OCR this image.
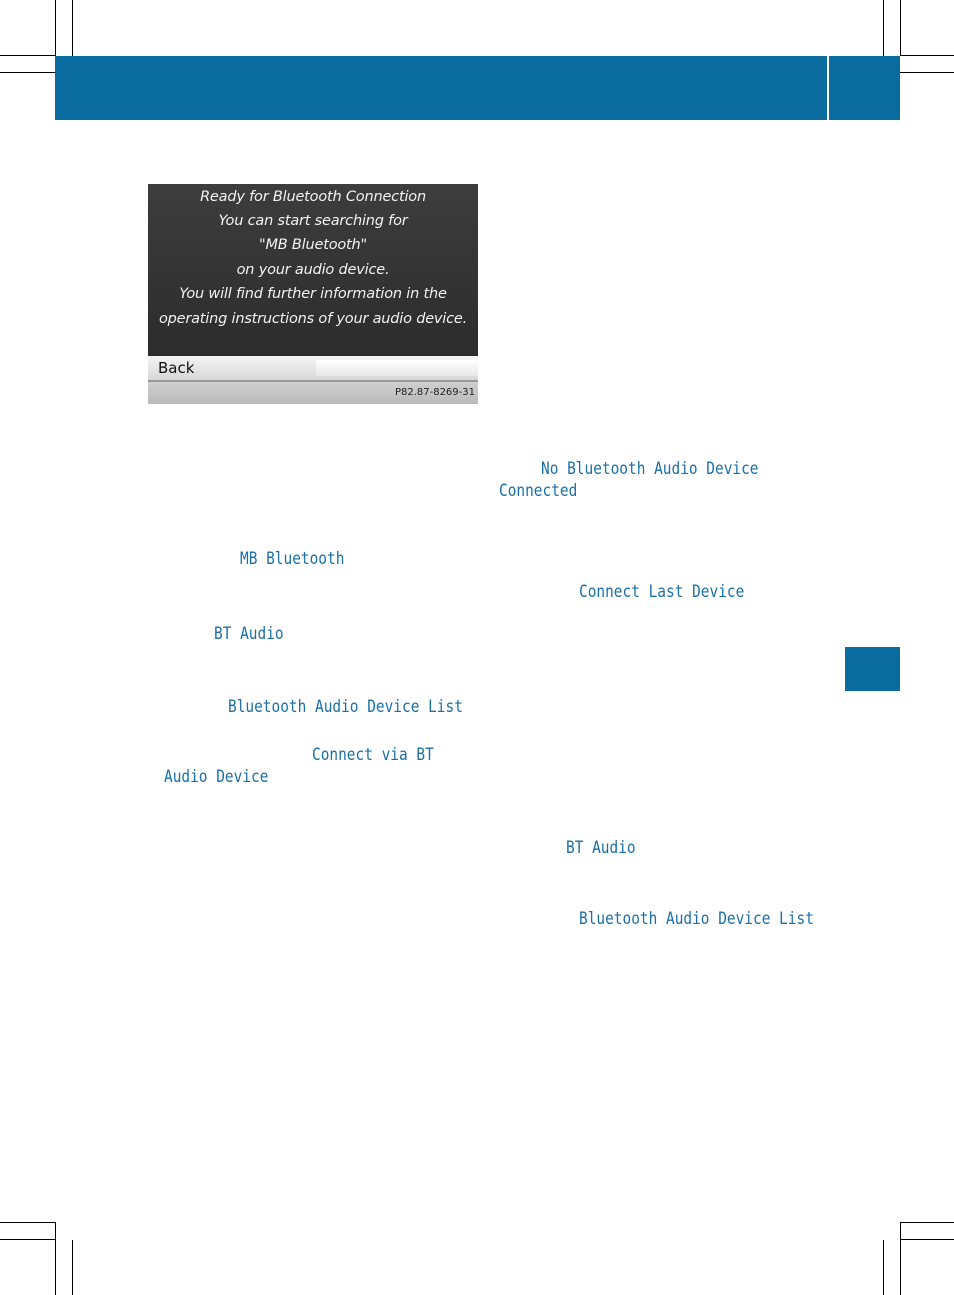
Ready for Bluetooth Connection
You can start searching for
"MB Bluetooth"
on your audio device.
You will find further information in the
operating instructions of your audio device.
Back
P82.87-8269-31
No Bluetooth Audio Device
Connected
MB Bluetooth
Connect Last Device
BT Audio
Bluetooth Audio Device List
Connect via BT
Audio Device
BT Audio
Bluetooth Audio Device List
